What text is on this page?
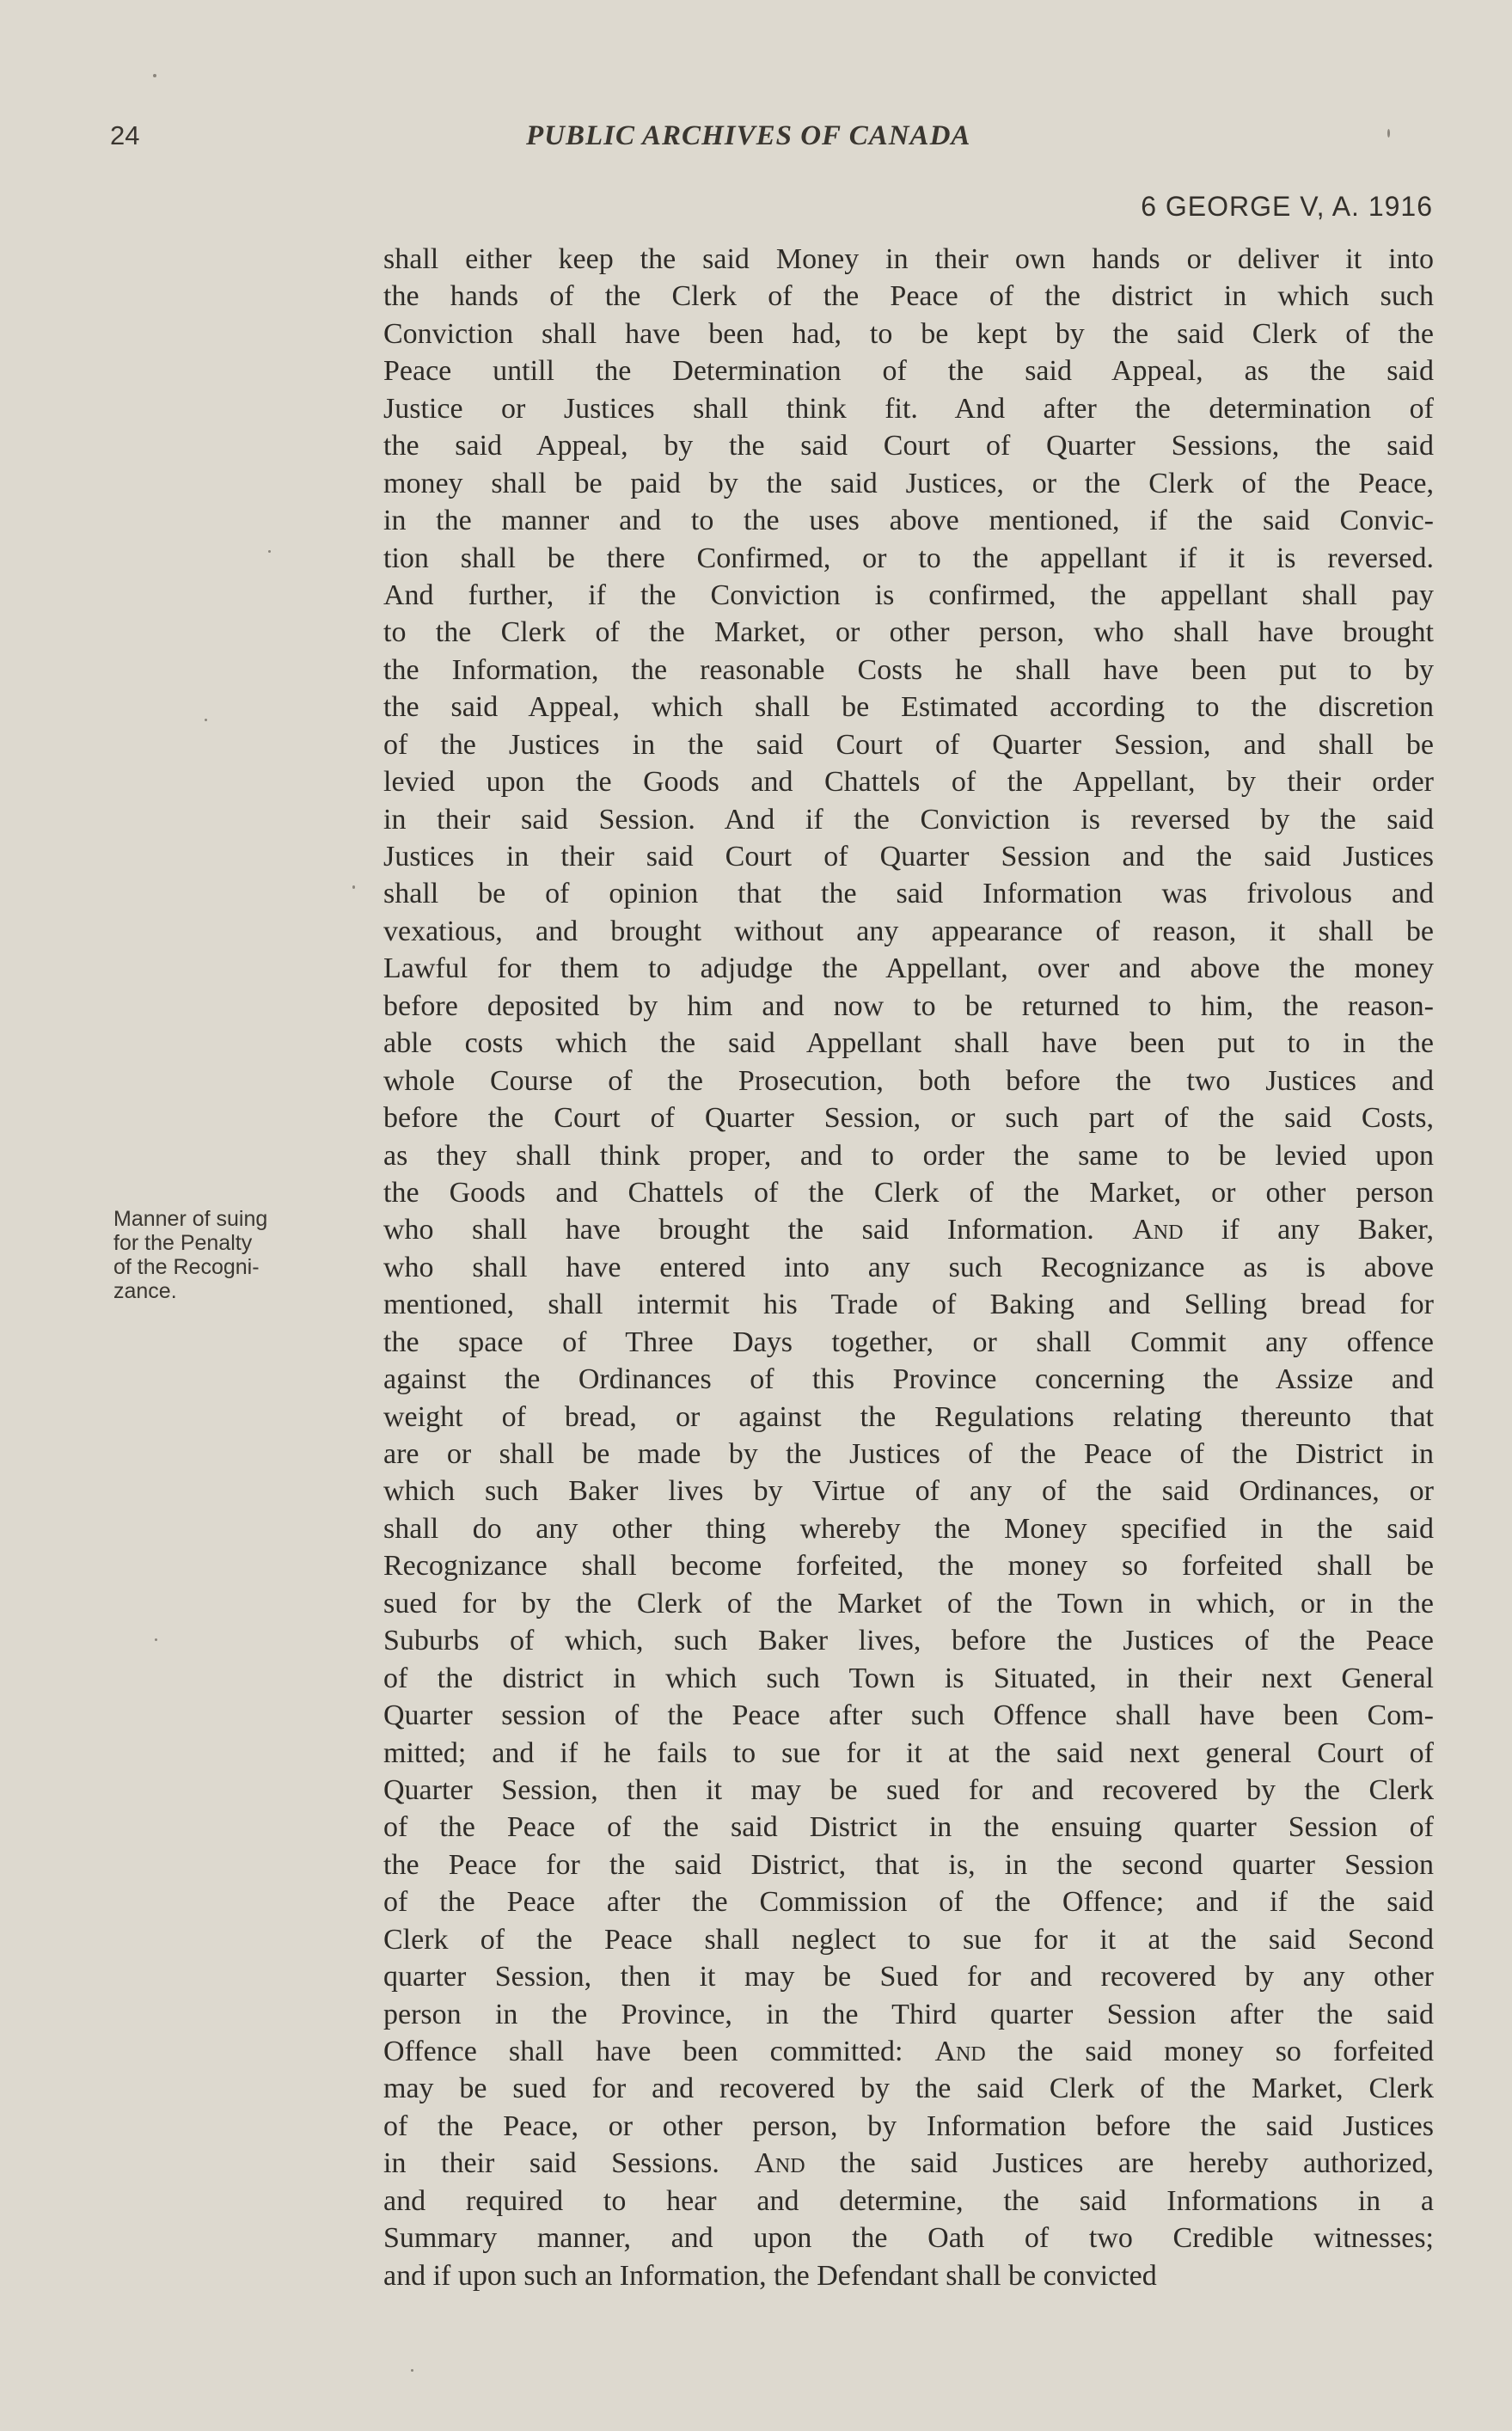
24	PUBLIC ARCHIVES OF CANADA
6 GEORGE V, A. 1916
Manner of suing
for the Penalty
of the Recogni-
zance.
shall either keep the said Money in their own hands or deliver it into
the hands of the Clerk of the Peace of the district in which such
Conviction shall have been had, to be kept by the said Clerk of the
Peace untill the Determination of the said Appeal, as the said
Justice or Justices shall think fit. And after the determination of
the said Appeal, by the said Court of Quarter Sessions, the said
money shall be paid by the said Justices, or the Clerk of the Peace,
in the manner and to the uses above mentioned, if the said Convic-
tion shall be there Confirmed, or to the appellant if it is reversed.
And further, if the Conviction is confirmed, the appellant shall pay
to the Clerk of the Market, or other person, who shall have brought
the Information, the reasonable Costs he shall have been put to by
the said Appeal, which shall be Estimated according to the discretion
of the Justices in the said Court of Quarter Session, and shall be
levied upon the Goods and Chattels of the Appellant, by their order
in their said Session. And if the Conviction is reversed by the said
Justices in their said Court of Quarter Session and the said Justices
shall be of opinion that the said Information was frivolous and
vexatious, and brought without any appearance of reason, it shall be
Lawful for them to adjudge the Appellant, over and above the money
before deposited by him and now to be returned to him, the reason-
able costs which the said Appellant shall have been put to in the
whole Course of the Prosecution, both before the two Justices and
before the Court of Quarter Session, or such part of the said Costs,
as they shall think proper, and to order the same to be levied upon
the Goods and Chattels of the Clerk of the Market, or other person
who shall have brought the said Information. And if any Baker,
who shall have entered into any such Recognizance as is above
mentioned, shall intermit his Trade of Baking and Selling bread for
the space of Three Days together, or shall Commit any offence
against the Ordinances of this Province concerning the Assize and
weight of bread, or against the Regulations relating thereunto that
are or shall be made by the Justices of the Peace of the District in
which such Baker lives by Virtue of any of the said Ordinances, or
shall do any other thing whereby the Money specified in the said
Recognizance shall become forfeited, the money so forfeited shall be
sued for by the Clerk of the Market of the Town in which, or in the
Suburbs of which, such Baker lives, before the Justices of the Peace
of the district in which such Town is Situated, in their next General
Quarter session of the Peace after such Offence shall have been Com-
mitted; and if he fails to sue for it at the said next general Court of
Quarter Session, then it may be sued for and recovered by the Clerk
of the Peace of the said District in the ensuing quarter Session of
the Peace for the said District, that is, in the second quarter Session
of the Peace after the Commission of the Offence; and if the said
Clerk of the Peace shall neglect to sue for it at the said Second
quarter Session, then it may be Sued for and recovered by any other
person in the Province, in the Third quarter Session after the said
Offence shall have been committed: And the said money so forfeited
may be sued for and recovered by the said Clerk of the Market, Clerk
of the Peace, or other person, by Information before the said Justices
in their said Sessions. And the said Justices are hereby authorized,
and required to hear and determine, the said Informations in a
Summary manner, and upon the Oath of two Credible witnesses;
and if upon such an Information, the Defendant shall be convicted
